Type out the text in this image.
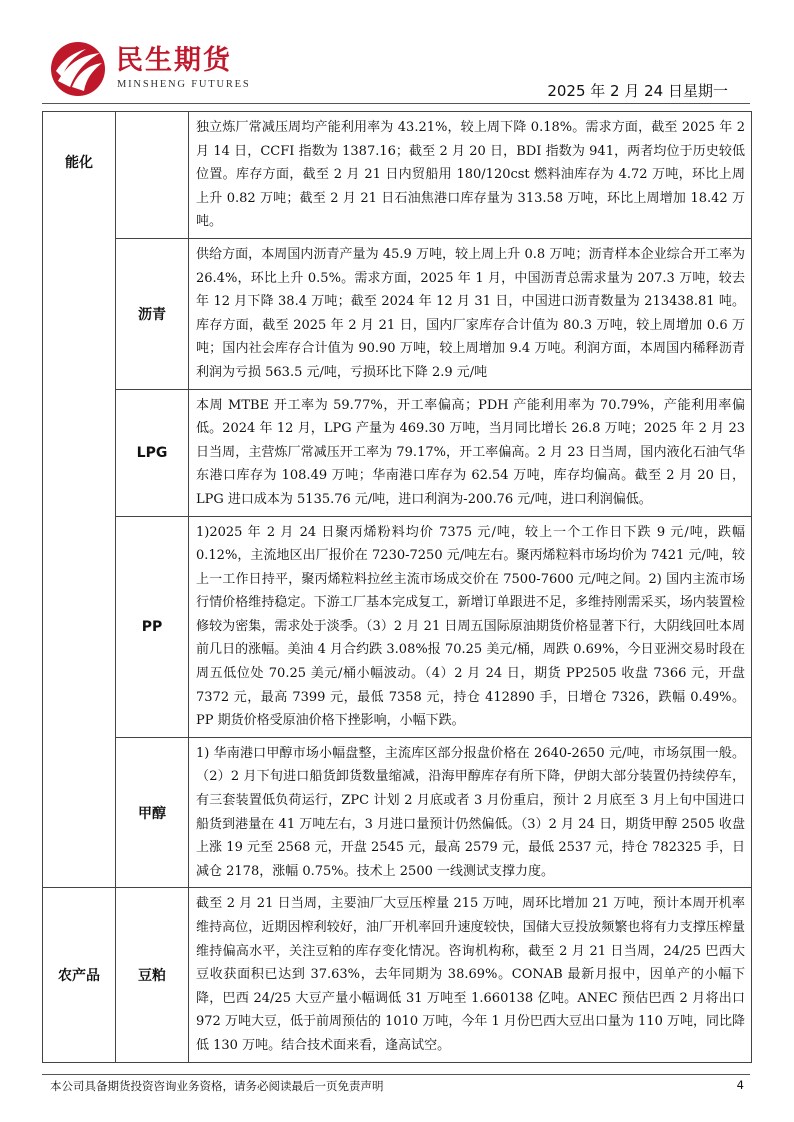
民生期货
MINSHENG FUTURES	2025 年 2 月 24 日星期一
能化		独立炼厂常减压周均产能利用率为 43.21%，较上周下降 0.18%。需求方面，截至 2025 年 2 月 14 日，CCFI 指数为 1387.16；截至 2 月 20 日，BDI 指数为 941，两者均位于历史较低位置。库存方面，截至 2 月 21 日内贸船用 180/120cst 燃料油库存为 4.72 万吨，环比上周上升 0.82 万吨；截至 2 月 21 日石油焦港口库存量为 313.58 万吨，环比上周增加 18.42 万吨。
	沥青	供给方面，本周国内沥青产量为 45.9 万吨，较上周上升 0.8 万吨；沥青样本企业综合开工率为 26.4%，环比上升 0.5%。需求方面，2025 年 1 月，中国沥青总需求量为 207.3 万吨，较去年 12 月下降 38.4 万吨；截至 2024 年 12 月 31 日，中国进口沥青数量为 213438.81 吨。库存方面，截至 2025 年 2 月 21 日，国内厂家库存合计值为 80.3 万吨，较上周增加 0.6 万吨；国内社会库存合计值为 90.90 万吨，较上周增加 9.4 万吨。利润方面，本周国内稀释沥青利润为亏损 563.5 元/吨，亏损环比下降 2.9 元/吨
	LPG	本周 MTBE 开工率为 59.77%，开工率偏高；PDH 产能利用率为 70.79%，产能利用率偏低。2024 年 12 月，LPG 产量为 469.30 万吨，当月同比增长 26.8 万吨；2025 年 2 月 23 日当周，主营炼厂常减压开工率为 79.17%，开工率偏高。2 月 23 日当周，国内液化石油气华东港口库存为 108.49 万吨；华南港口库存为 62.54 万吨，库存均偏高。截至 2 月 20 日，LPG 进口成本为 5135.76 元/吨，进口利润为-200.76 元/吨，进口利润偏低。
	PP	1)2025 年 2 月 24 日聚丙烯粉料均价 7375 元/吨，较上一个工作日下跌 9 元/吨，跌幅 0.12%，主流地区出厂报价在 7230-7250 元/吨左右。聚丙烯粒料市场均价为 7421 元/吨，较上一工作日持平，聚丙烯粒料拉丝主流市场成交价在 7500-7600 元/吨之间。2) 国内主流市场行情价格维持稳定。下游工厂基本完成复工，新增订单跟进不足，多维持刚需采买，场内装置检修较为密集，需求处于淡季。（3）2 月 21 日周五国际原油期货价格显著下行，大阴线回吐本周前几日的涨幅。美油 4 月合约跌 3.08%报 70.25 美元/桶，周跌 0.69%，今日亚洲交易时段在周五低位处 70.25 美元/桶小幅波动。（4）2 月 24 日，期货 PP2505 收盘 7366 元，开盘 7372 元，最高 7399 元，最低 7358 元，持仓 412890 手，日增仓 7326，跌幅 0.49%。PP 期货价格受原油价格下挫影响，小幅下跌。
	甲醇	1) 华南港口甲醇市场小幅盘整，主流库区部分报盘价格在 2640-2650 元/吨，市场氛围一般。（2）2 月下旬进口船货卸货数量缩减，沿海甲醇库存有所下降，伊朗大部分装置仍持续停车，有三套装置低负荷运行，ZPC 计划 2 月底或者 3 月份重启，预计 2 月底至 3 月上旬中国进口船货到港量在 41 万吨左右，3 月进口量预计仍然偏低。（3）2 月 24 日，期货甲醇 2505 收盘上涨 19 元至 2568 元，开盘 2545 元，最高 2579 元，最低 2537 元，持仓 782325 手，日减仓 2178，涨幅 0.75%。技术上 2500 一线测试支撑力度。
农产品	豆粕	截至 2 月 21 日当周，主要油厂大豆压榨量 215 万吨，周环比增加 21 万吨，预计本周开机率维持高位，近期因榨利较好，油厂开机率回升速度较快，国储大豆投放频繁也将有力支撑压榨量维持偏高水平，关注豆粕的库存变化情况。咨询机构称，截至 2 月 21 日当周，24/25 巴西大豆收获面积已达到 37.63%，去年同期为 38.69%。CONAB 最新月报中，因单产的小幅下降，巴西 24/25 大豆产量小幅调低 31 万吨至 1.660138 亿吨。ANEC 预估巴西 2 月将出口 972 万吨大豆，低于前周预估的 1010 万吨，今年 1 月份巴西大豆出口量为 110 万吨，同比降低 130 万吨。结合技术面来看，逢高试空。
本公司具备期货投资咨询业务资格，请务必阅读最后一页免责声明	4
